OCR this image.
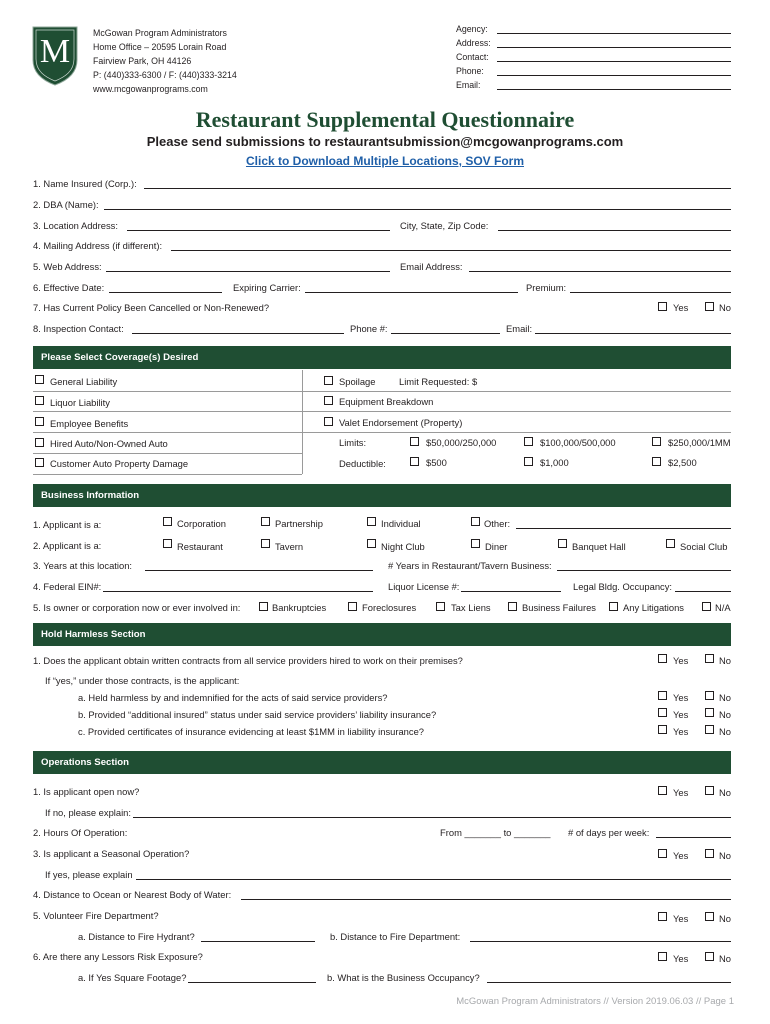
M	McGowan Program Administrators
Home Office – 20595 Lorain Road
Fairview Park, OH 44126
P: (440)333-6300 / F: (440)333-3214
www.mcgowanprograms.com
Agency:
Address:
Contact:
Phone:
Email:
Restaurant Supplemental Questionnaire
Please send submissions to restaurantsubmission@mcgowanprograms.com
Click to Download Multiple Locations, SOV Form
1. Name Insured (Corp.):
2. DBA (Name):
3. Location Address:	City, State, Zip Code:
4. Mailing Address (if different):
5. Web Address:	Email Address:
6. Effective Date:	Expiring Carrier:	Premium:
7. Has Current Policy Been Cancelled or Non-Renewed?	Yes	No
8. Inspection Contact:	Phone #:	Email:
Please Select Coverage(s) Desired
General Liability
Liquor Liability
Employee Benefits
Hired Auto/Non-Owned Auto
Customer Auto Property Damage
Spoilage	Limit Requested: $
Equipment Breakdown
Valet Endorsement (Property)
Limits:	$50,000/250,000	$100,000/500,000	$250,000/1MM
Deductible:	$500	$1,000	$2,500
Business Information
1. Applicant is a:	Corporation	Partnership	Individual	Other:
2. Applicant is a:	Restaurant	Tavern	Night Club	Diner	Banquet Hall	Social Club
3. Years at this location:	# Years in Restaurant/Tavern Business:
4. Federal EIN#:	Liquor License #:	Legal Bldg. Occupancy:
5. Is owner or corporation now or ever involved in:	Bankruptcies	Foreclosures	Tax Liens	Business Failures	Any Litigations	N/A
Hold Harmless Section
1. Does the applicant obtain written contracts from all service providers hired to work on their premises?	Yes	No
If “yes,” under those contracts, is the applicant:
a. Held harmless by and indemnified for the acts of said service providers?	Yes	No
b. Provided “additional insured” status under said service providers’ liability insurance?	Yes	No
c. Provided certificates of insurance evidencing at least $1MM in liability insurance?	Yes	No
Operations Section
1. Is applicant open now?	Yes	No
If no, please explain:
2. Hours Of Operation:	From _______ to _______ # of days per week:
3. Is applicant a Seasonal Operation?	Yes	No
If yes, please explain
4. Distance to Ocean or Nearest Body of Water:
5. Volunteer Fire Department?	Yes	No
a. Distance to Fire Hydrant?	b. Distance to Fire Department:
6. Are there any Lessors Risk Exposure?	Yes	No
a. If Yes Square Footage?	b. What is the Business Occupancy?
McGowan Program Administrators // Version 2019.06.03 // Page 1
